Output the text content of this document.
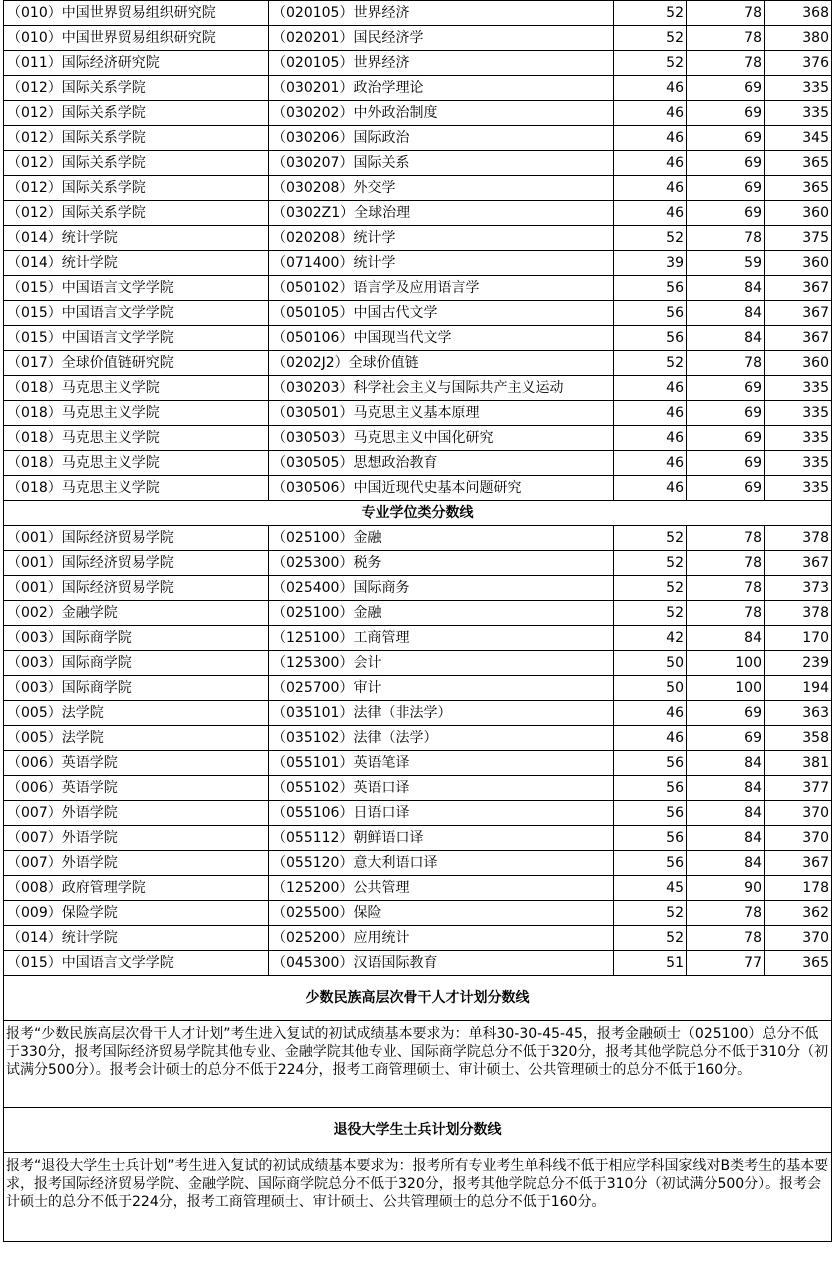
（010）中国世界贸易组织研究院	（020105）世界经济	52	78	368
（010）中国世界贸易组织研究院	（020201）国民经济学	52	78	380
（011）国际经济研究院	（020105）世界经济	52	78	376
（012）国际关系学院	（030201）政治学理论	46	69	335
（012）国际关系学院	（030202）中外政治制度	46	69	335
（012）国际关系学院	（030206）国际政治	46	69	345
（012）国际关系学院	（030207）国际关系	46	69	365
（012）国际关系学院	（030208）外交学	46	69	365
（012）国际关系学院	（0302Z1）全球治理	46	69	360
（014）统计学院	（020208）统计学	52	78	375
（014）统计学院	（071400）统计学	39	59	360
（015）中国语言文学学院	（050102）语言学及应用语言学	56	84	367
（015）中国语言文学学院	（050105）中国古代文学	56	84	367
（015）中国语言文学学院	（050106）中国现当代文学	56	84	367
（017）全球价值链研究院	（0202J2）全球价值链	52	78	360
（018）马克思主义学院	（030203）科学社会主义与国际共产主义运动	46	69	335
（018）马克思主义学院	（030501）马克思主义基本原理	46	69	335
（018）马克思主义学院	（030503）马克思主义中国化研究	46	69	335
（018）马克思主义学院	（030505）思想政治教育	46	69	335
（018）马克思主义学院	（030506）中国近现代史基本问题研究	46	69	335
专业学位类分数线				
（001）国际经济贸易学院	（025100）金融	52	78	378
（001）国际经济贸易学院	（025300）税务	52	78	367
（001）国际经济贸易学院	（025400）国际商务	52	78	373
（002）金融学院	（025100）金融	52	78	378
（003）国际商学院	（125100）工商管理	42	84	170
（003）国际商学院	（125300）会计	50	100	239
（003）国际商学院	（025700）审计	50	100	194
（005）法学院	（035101）法律（非法学）	46	69	363
（005）法学院	（035102）法律（法学）	46	69	358
（006）英语学院	（055101）英语笔译	56	84	381
（006）英语学院	（055102）英语口译	56	84	377
（007）外语学院	（055106）日语口译	56	84	370
（007）外语学院	（055112）朝鲜语口译	56	84	370
（007）外语学院	（055120）意大利语口译	56	84	367
（008）政府管理学院	（125200）公共管理	45	90	178
（009）保险学院	（025500）保险	52	78	362
（014）统计学院	（025200）应用统计	52	78	370
（015）中国语言文学学院	（045300）汉语国际教育	51	77	365
少数民族高层次骨干人才计划分数线				
报考“少数民族高层次骨干人才计划”考生进入复试的初试成绩基本要求为：单科30-30-45-45，报考金融硕士（025100）总分不低于330分，报考国际经济贸易学院其他专业、金融学院其他专业、国际商学院总分不低于320分，报考其他学院总分不低于310分（初试满分500分）。报考会计硕士的总分不低于224分，报考工商管理硕士、审计硕士、公共管理硕士的总分不低于160分。				
退役大学生士兵计划分数线				
报考“退役大学生士兵计划”考生进入复试的初试成绩基本要求为：报考所有专业考生单科线不低于相应学科国家线对B类考生的基本要求，报考国际经济贸易学院、金融学院、国际商学院总分不低于320分，报考其他学院总分不低于310分（初试满分500分）。报考会计硕士的总分不低于224分，报考工商管理硕士、审计硕士、公共管理硕士的总分不低于160分。				
